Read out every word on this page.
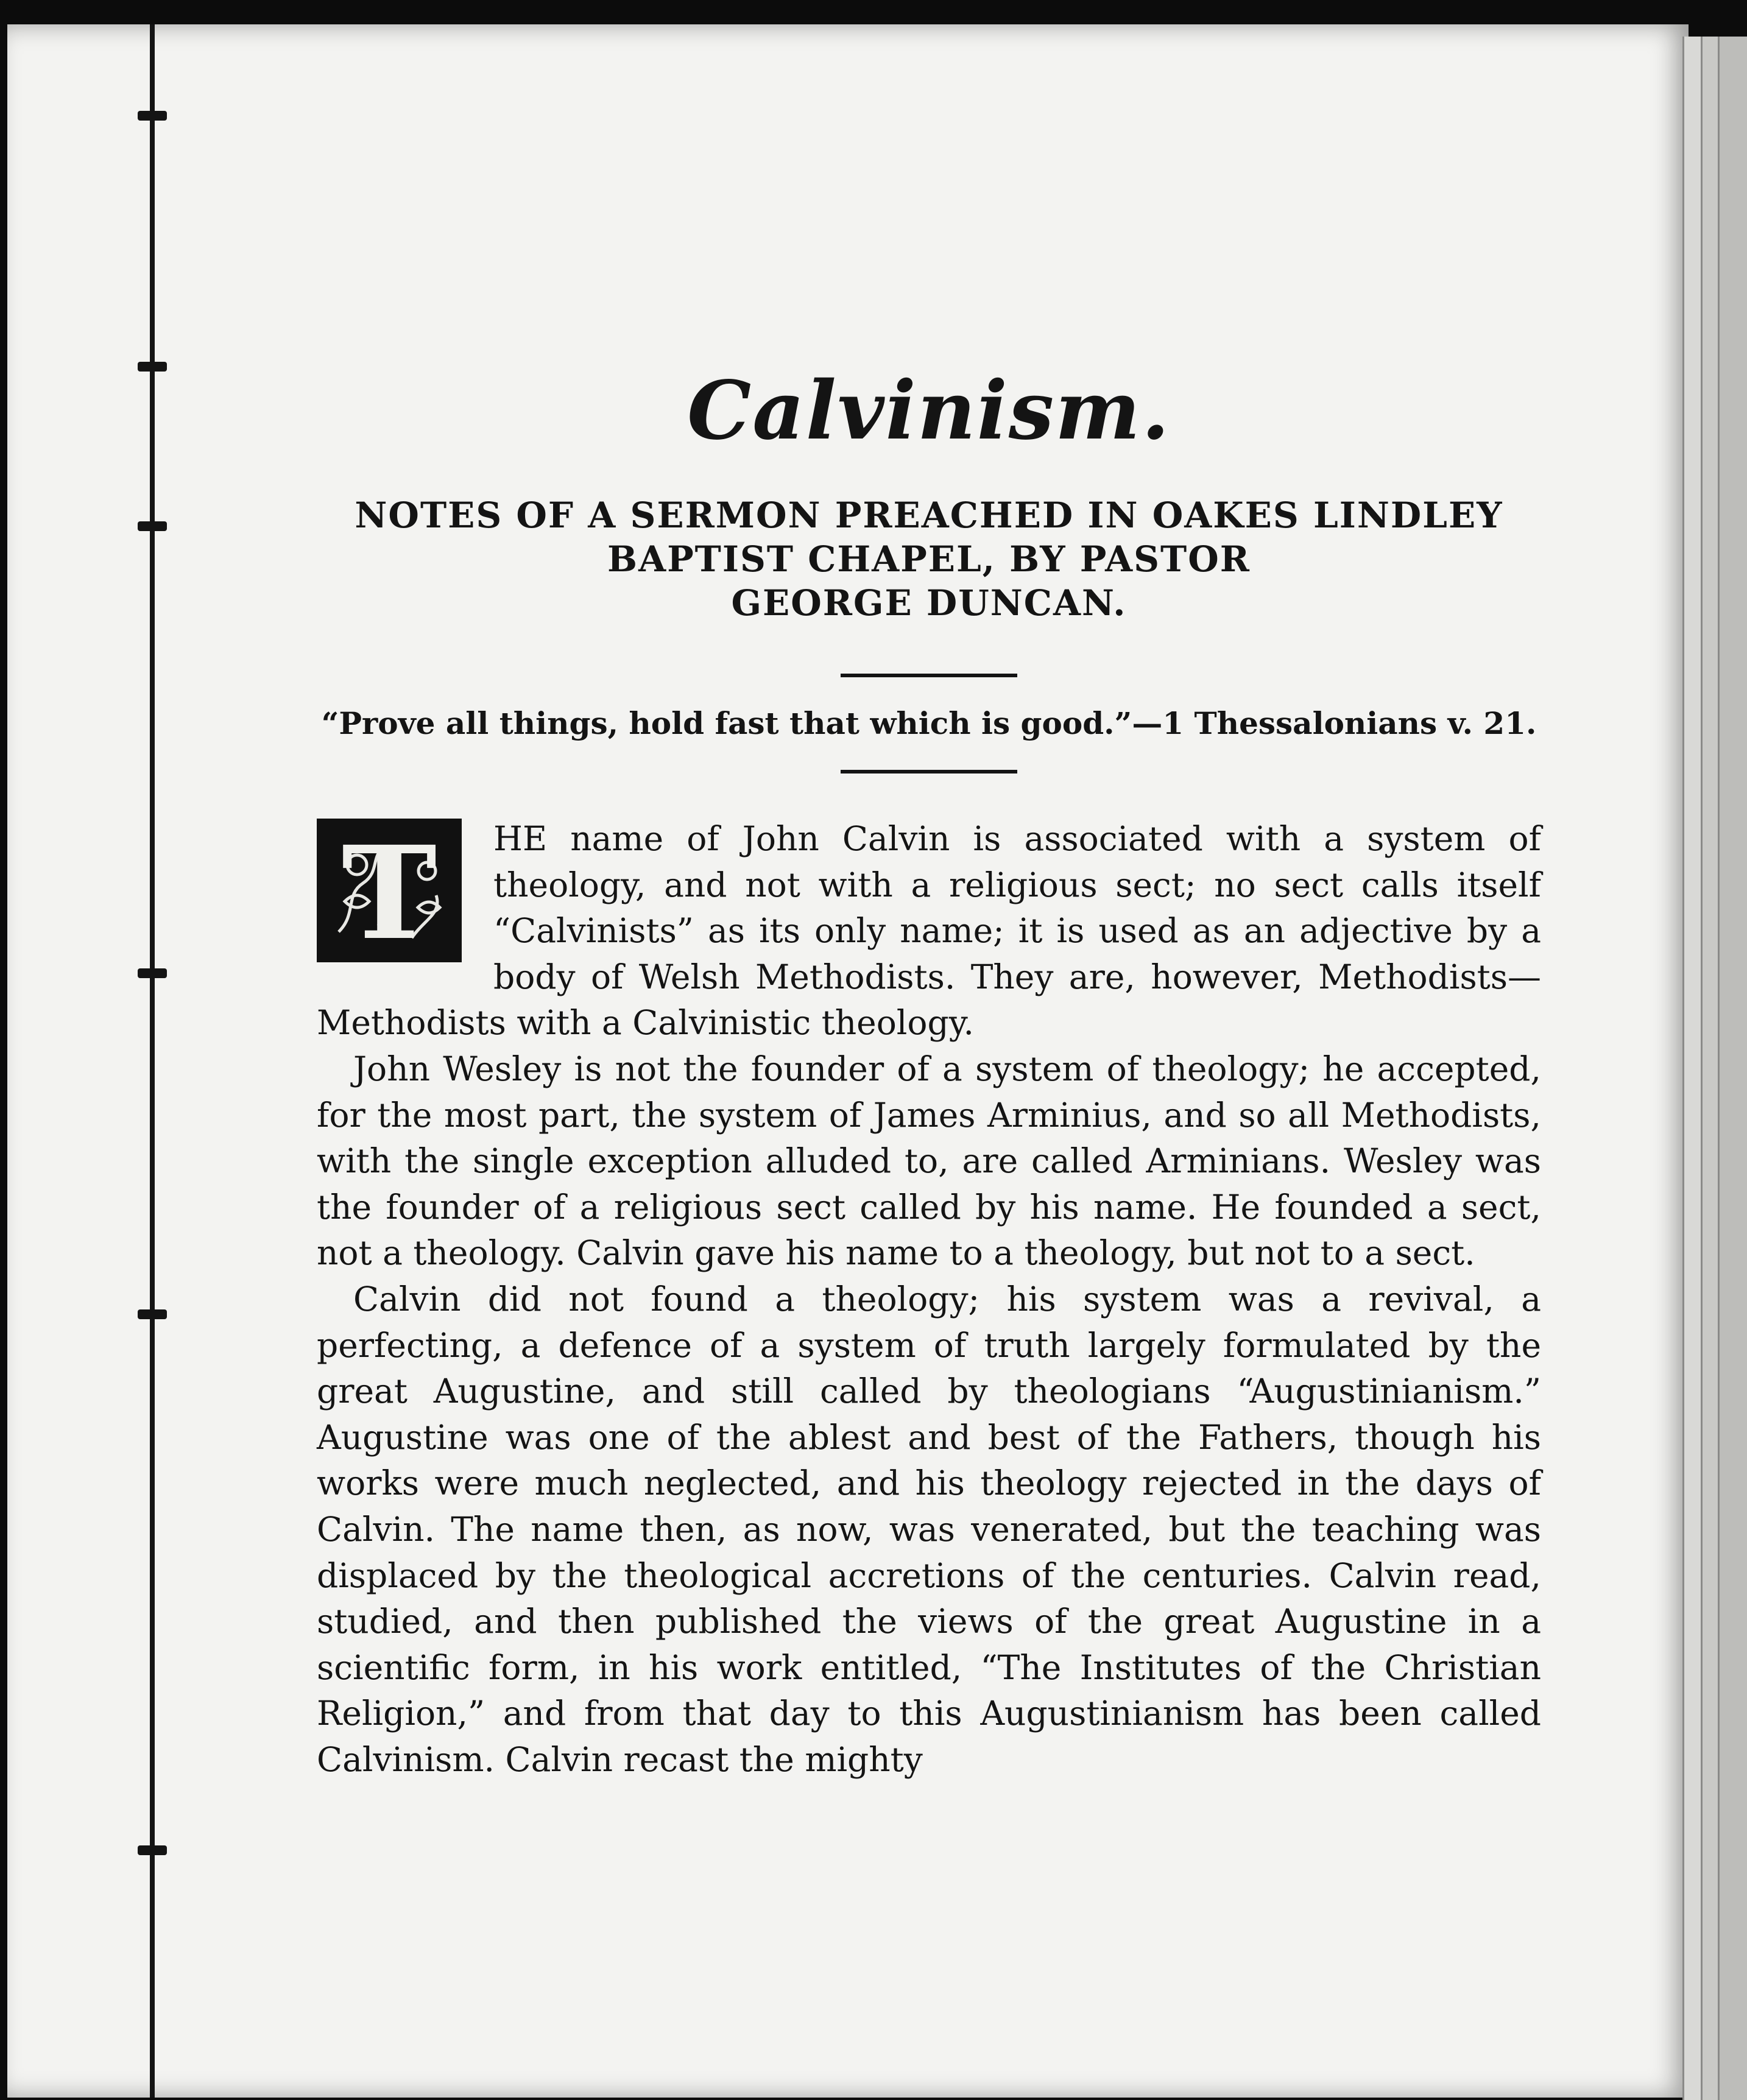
Calvinism.
NOTES OF A SERMON PREACHED IN OAKES LINDLEY
BAPTIST CHAPEL, BY PASTOR
GEORGE DUNCAN.

“Prove all things, hold fast that which is good.”—1 Thessalonians v. 21.

T	HE name of John Calvin is associated with a system of theology, and not with a religious sect; no sect calls itself “Calvinists” as its only name; it is used as an adjective by a body of Welsh Methodists. They are, however, Methodists—Methodists with a Calvinistic theology.

John Wesley is not the founder of a system of theology; he accepted, for the most part, the system of James Arminius, and so all Methodists, with the single exception alluded to, are called Arminians. Wesley was the founder of a religious sect called by his name. He founded a sect, not a theology. Calvin gave his name to a theology, but not to a sect.

Calvin did not found a theology; his system was a revival, a perfecting, a defence of a system of truth largely formulated by the great Augustine, and still called by theologians “Augustinianism.” Augustine was one of the ablest and best of the Fathers, though his works were much neglected, and his theology rejected in the days of Calvin. The name then, as now, was venerated, but the teaching was displaced by the theological accretions of the centuries. Calvin read, studied, and then published the views of the great Augustine in a scientific form, in his work entitled, “The Institutes of the Christian Religion,” and from that day to this Augustinianism has been called Calvinism. Calvin recast the mighty
